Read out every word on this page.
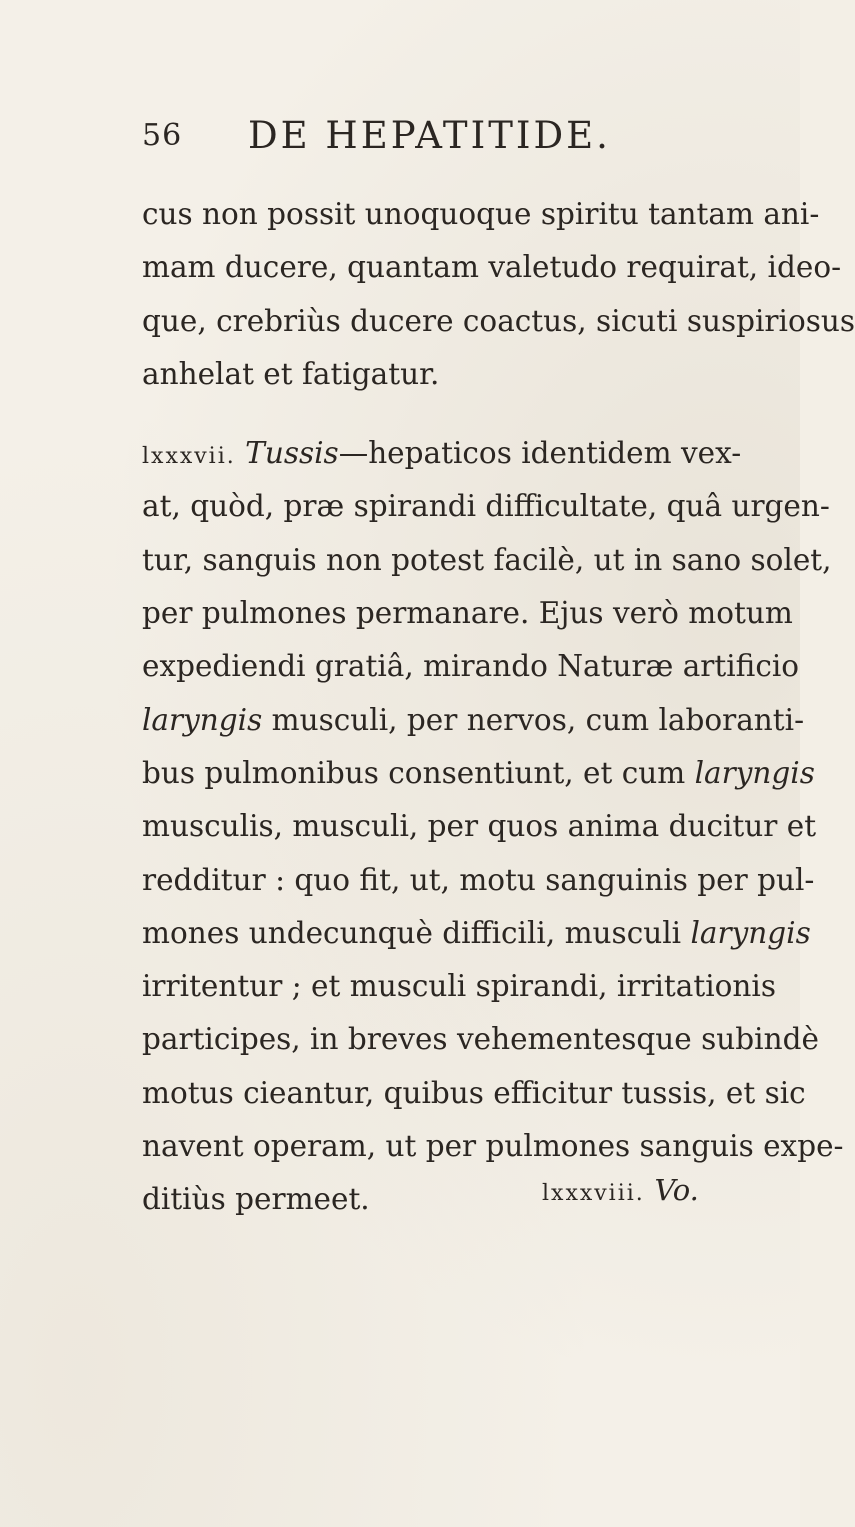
56 DE HEPATITIDE.
cus non possit unoquoque spiritu tantam ani-
mam ducere, quantam valetudo requirat, ideo-
que, crebriùs ducere coactus, sicuti suspiriosus
anhelat et fatigatur.
lxxxvii. Tussis—hepaticos identidem vex-
at, quòd, præ spirandi difficultate, quâ urgen-
tur, sanguis non potest facilè, ut in sano solet,
per pulmones permanare. Ejus verò motum
expediendi gratiâ, mirando Naturæ artificio
laryngis musculi, per nervos, cum laboranti-
bus pulmonibus consentiunt, et cum laryngis
musculis, musculi, per quos anima ducitur et
redditur : quo fit, ut, motu sanguinis per pul-
mones undecunquè difficili, musculi laryngis
irritentur ; et musculi spirandi, irritationis
participes, in breves vehementesque subindè
motus cieantur, quibus efficitur tussis, et sic
navent operam, ut per pulmones sanguis expe-
ditiùs permeet.	lxxxviii. Vo.
